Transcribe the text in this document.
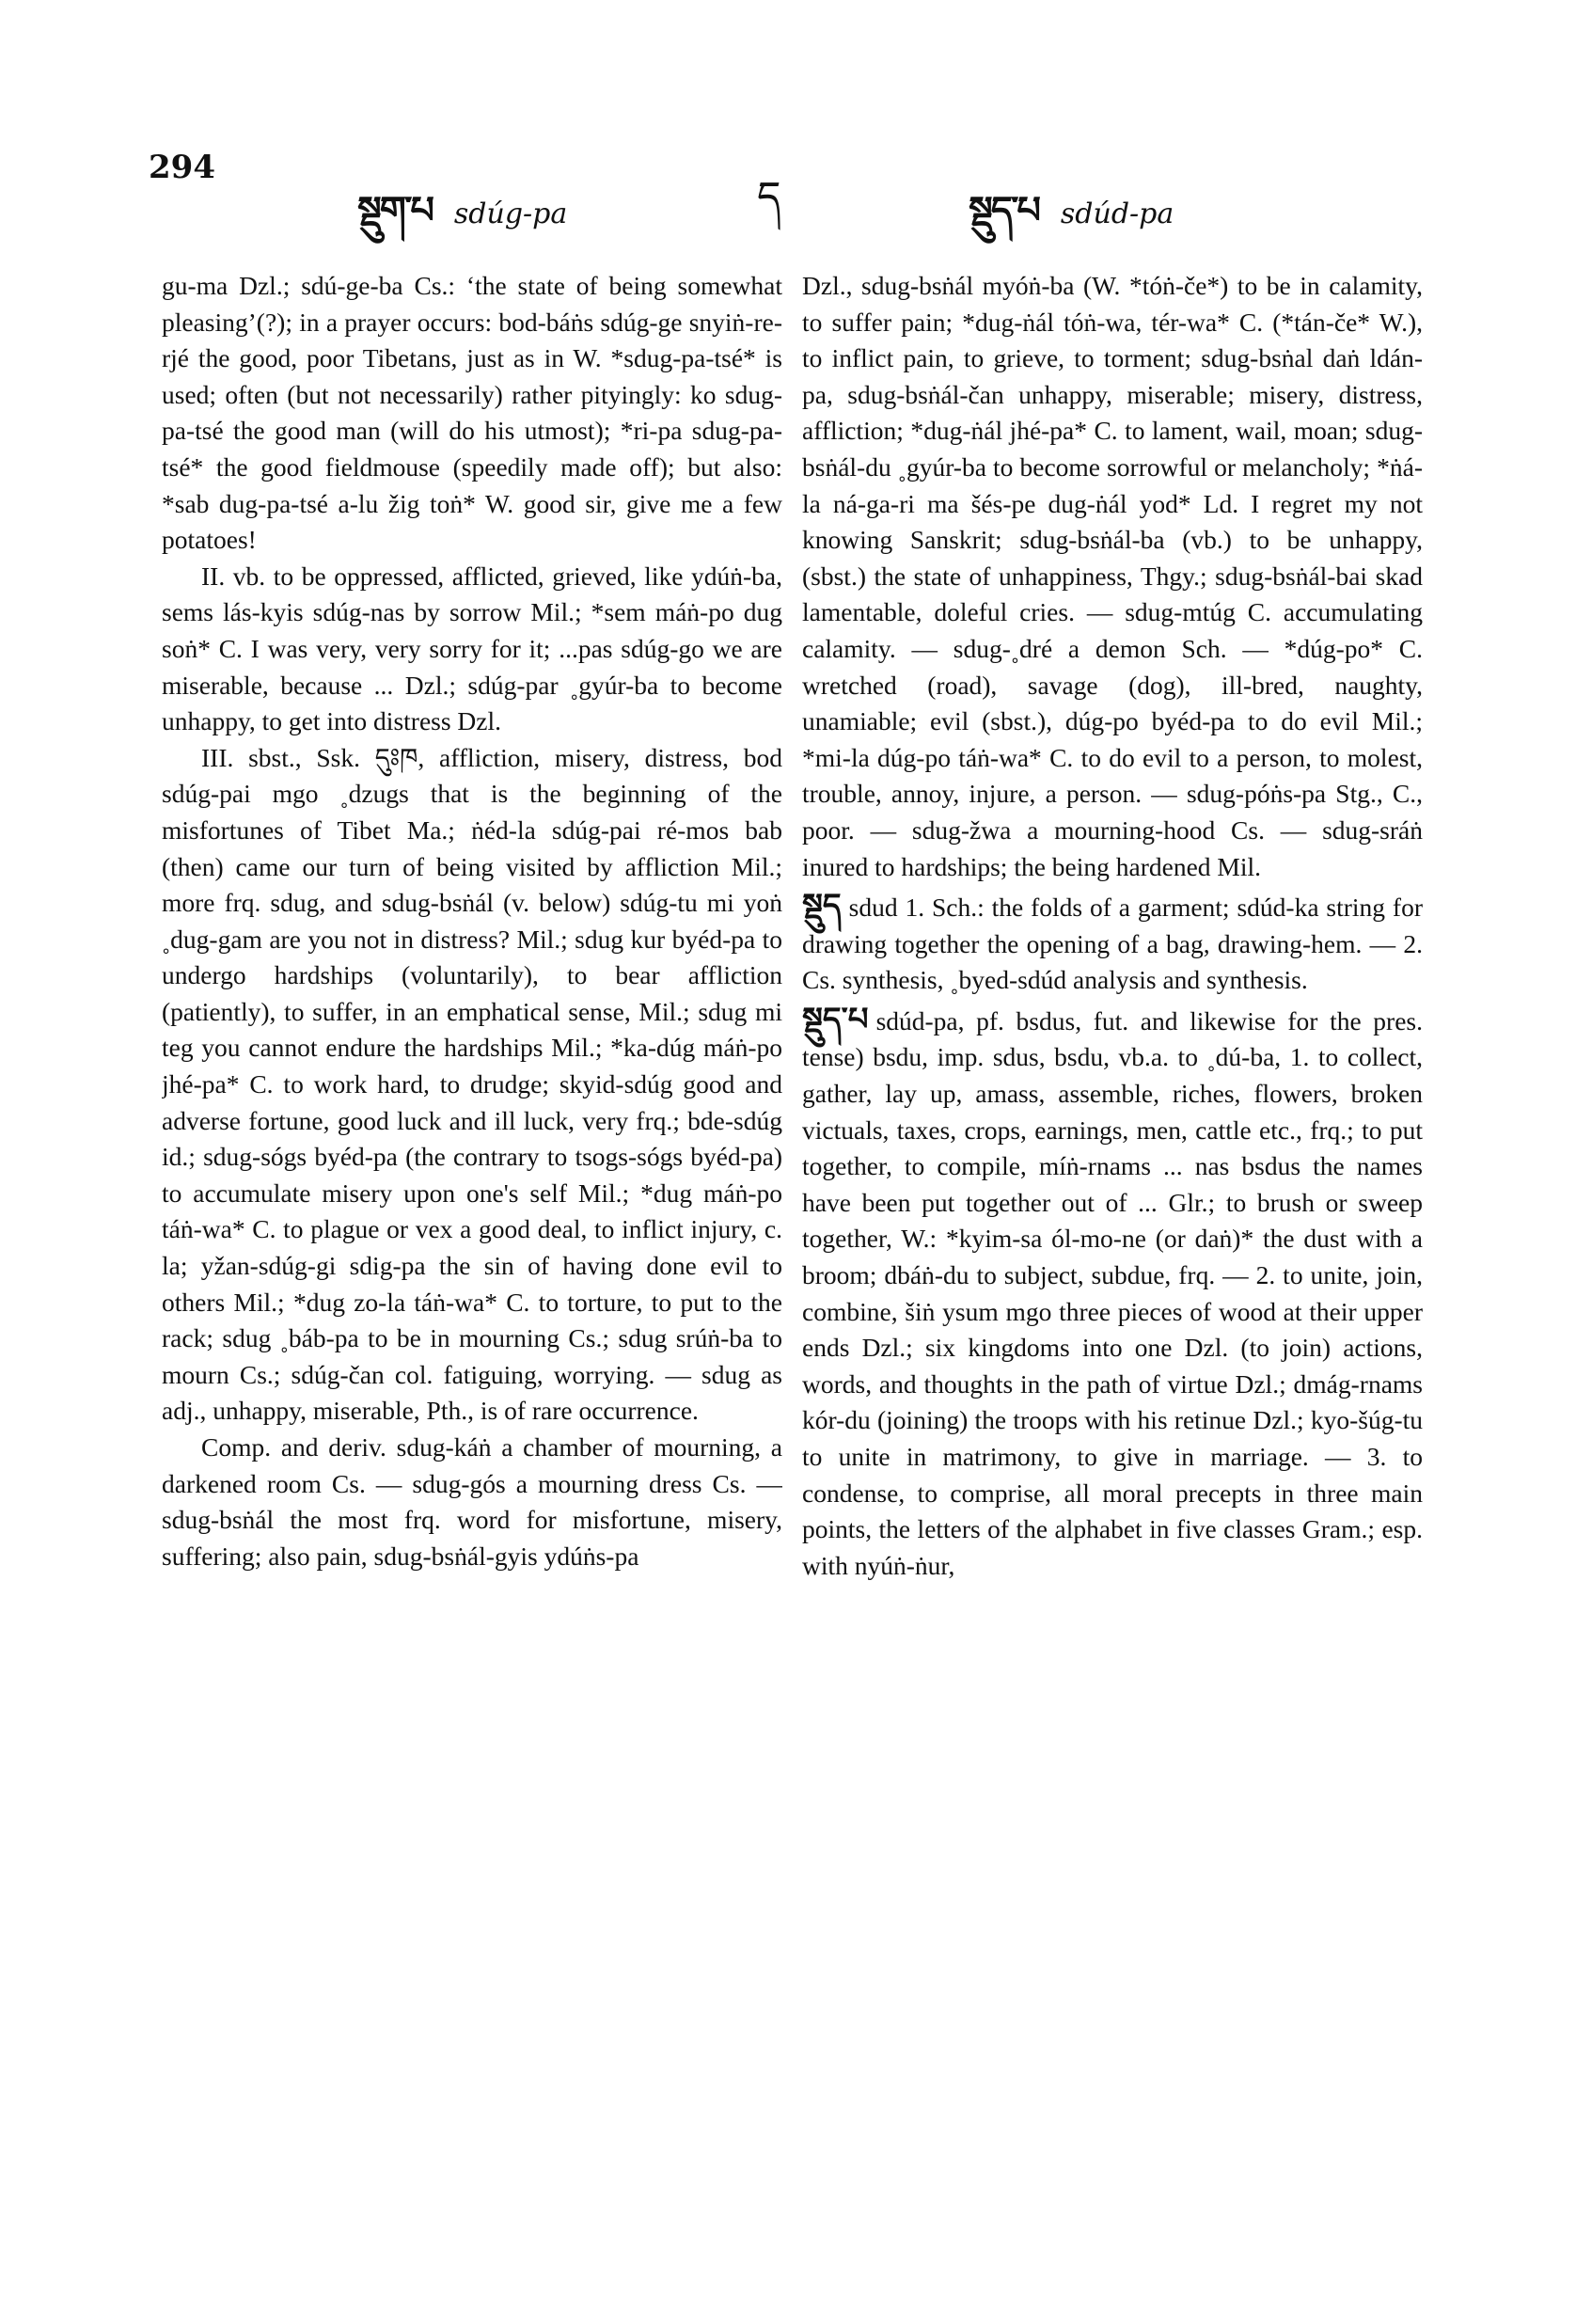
294
སྡུག་པ sdúg-pa	ད	སྡུད་པ sdúd-pa

gu-ma Dzl.; sdú-ge-ba Cs.: ‘the state of being somewhat pleasing’(?); in a prayer occurs: bod-báṅs sdúg-ge snyiṅ-re-rjé the good, poor Tibetans, just as in W. *sdug-pa-tsé* is used; often (but not necessarily) rather pityingly: ko sdug-pa-tsé the good man (will do his utmost); *ri-pa sdug-pa-tsé* the good fieldmouse (speedily made off); but also: *sab dug-pa-tsé a-lu žig toṅ* W. good sir, give me a few potatoes!

II. vb. to be oppressed, afflicted, grieved, like ydúṅ-ba, sems lás-kyis sdúg-nas by sorrow Mil.; *sem máṅ-po dug soṅ* C. I was very, very sorry for it; ...pas sdúg-go we are miserable, because ... Dzl.; sdúg-par ˳gyúr-ba to become unhappy, to get into distress Dzl.

III. sbst., Ssk. དུཿཁ, affliction, misery, distress, bod sdúg-pai mgo ˳dzugs that is the beginning of the misfortunes of Tibet Ma.; ṅéd-la sdúg-pai ré-mos bab (then) came our turn of being visited by affliction Mil.; more frq. sdug, and sdug-bsṅál (v. below) sdúg-tu mi yoṅ ˳dug-gam are you not in distress? Mil.; sdug kur byéd-pa to undergo hardships (voluntarily), to bear affliction (patiently), to suffer, in an emphatical sense, Mil.; sdug mi teg you cannot endure the hardships Mil.; *ka-dúg máṅ-po jhé-pa* C. to work hard, to drudge; skyid-sdúg good and adverse fortune, good luck and ill luck, very frq.; bde-sdúg id.; sdug-sógs byéd-pa (the contrary to tsogs-sógs byéd-pa) to accumulate misery upon one's self Mil.; *dug máṅ-po táṅ-wa* C. to plague or vex a good deal, to inflict injury, c. la; yžan-sdúg-gi sdig-pa the sin of having done evil to others Mil.; *dug zo-la táṅ-wa* C. to torture, to put to the rack; sdug ˳báb-pa to be in mourning Cs.; sdug srúṅ-ba to mourn Cs.; sdúg-čan col. fatiguing, worrying. — sdug as adj., unhappy, miserable, Pth., is of rare occurrence.

Comp. and deriv. sdug-káṅ a chamber of mourning, a darkened room Cs. — sdug-gós a mourning dress Cs. — sdug-bsṅál the most frq. word for misfortune, misery, suffering; also pain, sdug-bsṅál-gyis ydúṅs-pa

Dzl., sdug-bsṅál myóṅ-ba (W. *tóṅ-če*) to be in calamity, to suffer pain; *dug-ṅál tóṅ-wa, tér-wa* C. (*tán-če* W.), to inflict pain, to grieve, to torment; sdug-bsṅal daṅ ldán-pa, sdug-bsṅál-čan unhappy, miserable; misery, distress, affliction; *dug-ṅál jhé-pa* C. to lament, wail, moan; sdug-bsṅál-du ˳gyúr-ba to become sorrowful or melancholy; *ṅá-la ná-ga-ri ma šés-pe dug-ṅál yod* Ld. I regret my not knowing Sanskrit; sdug-bsṅál-ba (vb.) to be unhappy, (sbst.) the state of unhappiness, Thgy.; sdug-bsṅál-bai skad lamentable, doleful cries. — sdug-mtúg C. accumulating calamity. — sdug-˳dré a demon Sch. — *dúg-po* C. wretched (road), savage (dog), ill-bred, naughty, unamiable; evil (sbst.), dúg-po byéd-pa to do evil Mil.; *mi-la dúg-po táṅ-wa* C. to do evil to a person, to molest, trouble, annoy, injure, a person. — sdug-póṅs-pa Stg., C., poor. — sdug-žwa a mourning-hood Cs. — sdug-sráṅ inured to hardships; the being hardened Mil.

སྡུད sdud 1. Sch.: the folds of a garment; sdúd-ka string for drawing together the opening of a bag, drawing-hem. — 2. Cs. synthesis, ˳byed-sdúd analysis and synthesis.

སྡུད་པ sdúd-pa, pf. bsdus, fut. and likewise for the pres. tense) bsdu, imp. sdus, bsdu, vb.a. to ˳dú-ba, 1. to collect, gather, lay up, amass, assemble, riches, flowers, broken victuals, taxes, crops, earnings, men, cattle etc., frq.; to put together, to compile, míṅ-rnams ... nas bsdus the names have been put together out of ... Glr.; to brush or sweep together, W.: *kyim-sa ól-mo-ne (or daṅ)* the dust with a broom; dbáṅ-du to subject, subdue, frq. — 2. to unite, join, combine, šiṅ ysum mgo three pieces of wood at their upper ends Dzl.; six kingdoms into one Dzl. (to join) actions, words, and thoughts in the path of virtue Dzl.; dmág-rnams kór-du (joining) the troops with his retinue Dzl.; kyo-šúg-tu to unite in matrimony, to give in marriage. — 3. to condense, to comprise, all moral precepts in three main points, the letters of the alphabet in five classes Gram.; esp. with nyúṅ-ṅur,
